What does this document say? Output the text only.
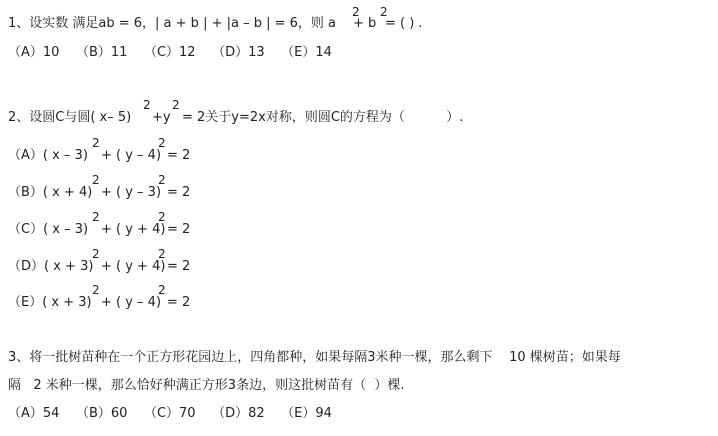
1、设实数 满足ab = 6，| a + b | + |a – b | = 6，则 a
2
+ b
2
= ( ) .
（A）10    （B）11    （C）12    （D）13    （E）14
2、设圆C与圆( x– 5)
2
+y
2
= 2关于y=2x对称，则圆C的方程为（          ）.
（A）( x – 3)
2
+ ( y – 4)
2
= 2
（B）( x + 4)
2
+ ( y – 3)
2
= 2
（C）( x – 3)
2
+ ( y + 4)
2
= 2
（D）( x + 3)
2
+ ( y + 4)
2
= 2
（E）( x + 3)
2
+ ( y – 4)
2
= 2
3、将一批树苗种在一个正方形花园边上，四角都种，如果每隔3米种一棵，那么剩下    10 棵树苗；如果每
隔   2 米种一棵，那么恰好种满正方形3条边，则这批树苗有（  ）棵.
（A）54    （B）60    （C）70    （D）82    （E）94
